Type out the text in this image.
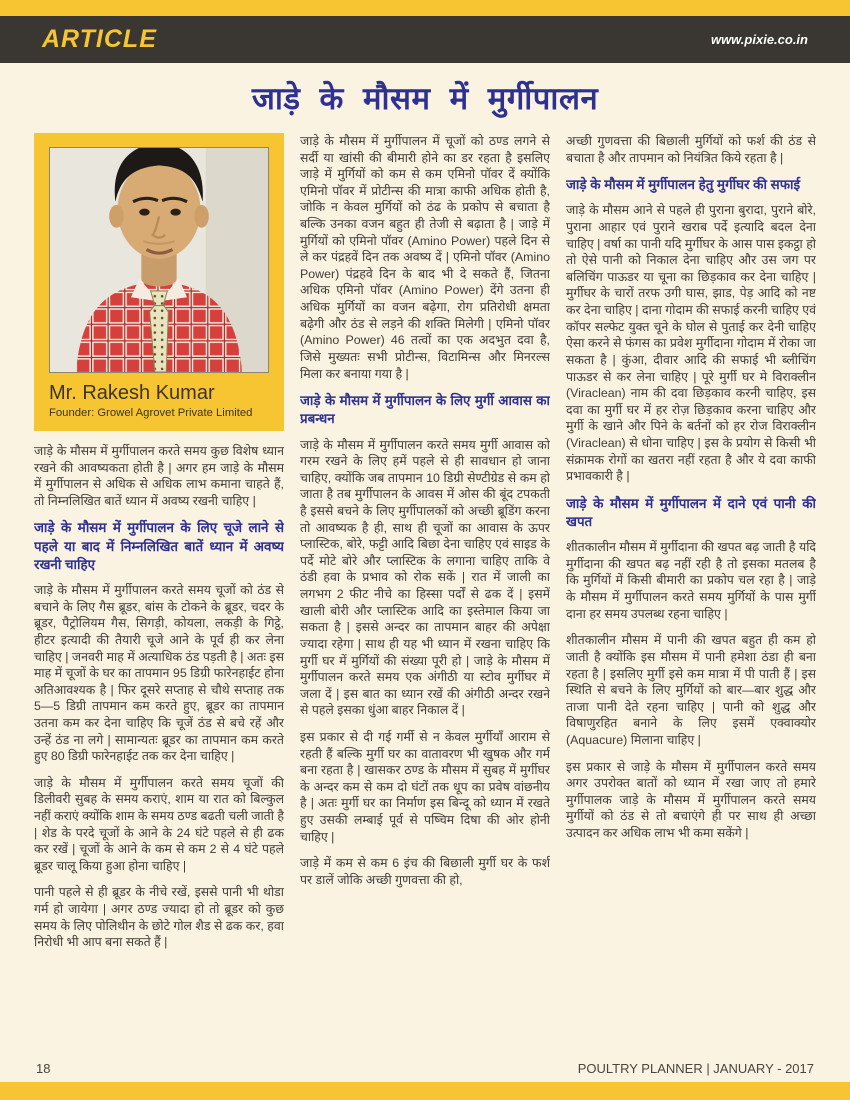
ARTICLE	www.pixie.co.in
जाड़े के मौसम में मुर्गीपालन
Mr. Rakesh Kumar
Founder: Growel Agrovet Private Limited

जाड़े के मौसम में मुर्गीपालन करते समय कुछ विशेष ध्यान रखने की आवष्यकता होती है | अगर हम जाड़े के मौसम में मुर्गीपालन से अधिक से अधिक लाभ कमाना चाहते हैं, तो निम्नलिखित बातें ध्यान में अवष्य रखनी चाहिए |

जाड़े के मौसम में मुर्गीपालन के लिए चूजे लाने से पहले या बाद में निम्नलिखित बातें ध्यान में अवष्य रखनी चाहिए

जाड़े के मौसम में मुर्गीपालन करते समय चूजों को ठंड से बचाने के लिए गैस ब्रूडर, बांस के टोकने के ब्रूडर, चदर के ब्रूडर, पैट्रोलियम गैस, सिगड़ी, कोयला, लकड़ी के गिट्ठे, हीटर इत्यादी की तैयारी चूजे आने के पूर्व ही कर लेना चाहिए | जनवरी माह में अत्याधिक ठंड पड़ती है | अतः इस माह में चूजों के घर का तापमान 95 डिग्री फारेनहाईट होना अतिआवश्यक है | फिर दूसरे सप्ताह से चौथे सप्ताह तक 5—5 डिग्री तापमान कम करते हुए, ब्रूडर का तापमान उतना कम कर देना चाहिए कि चूजें ठंड से बचे रहें और उन्हें ठंड ना लगे | सामान्यतः ब्रूडर का तापमान कम करते हुए 80 डिग्री फारेनहाईट तक कर देना चाहिए |

जाड़े के मौसम में मुर्गीपालन करते समय चूजों की डिलीवरी सुबह के समय कराएं, शाम या रात को बिल्कुल नहीं कराएं क्योंकि शाम के समय ठण्ड बढती चली जाती है | शेड के परदे चूजों के आने के 24 घंटे पहले से ही ढक कर रखें | चूजों के आने के कम से कम 2 से 4 घंटे पहले ब्रूडर चालू किया हुआ होना चाहिए |

पानी पहले से ही ब्रूडर के नीचे रखें, इससे पानी भी थोडा गर्म हो जायेगा | अगर ठण्ड ज्यादा हो तो ब्रूडर को कुछ समय के लिए पोलिथीन के छोटे गोल शैड से ढक कर, हवा निरोधी भी आप बना सकते हैं |

जाड़े के मौसम में मुर्गीपालन में चूजों को ठण्ड लगने से सर्दी या खांसी की बीमारी होने का डर रहता है इसलिए जाड़े में मुर्गियों को कम से कम एमिनो पॉवर दें क्योंकि एमिनो पॉवर में प्रोटीन्स की मात्रा काफी अधिक होती है, जोकि न केवल मुर्गियों को ठंढ के प्रकोप से बचाता है बल्कि उनका वजन बहुत ही तेजी से बढ़ाता है | जाड़े में मुर्गियों को एमिनो पॉवर (Amino Power) पहले दिन से ले कर पंद्रहवें दिन तक अवष्य दें | एमिनो पॉवर (Amino Power) पंद्रहवे दिन के बाद भी दे सकते हैं, जितना अधिक एमिनो पॉवर (Amino Power) देंगे उतना ही अधिक मुर्गियों का वजन बढ़ेगा, रोग प्रतिरोधी क्षमता बढ़ेगी और ठंड से लड़ने की शक्ति मिलेगी | एमिनो पॉवर (Amino Power) 46 तत्वों का एक अदभुत दवा है, जिसे मुख्यतः सभी प्रोटीन्स, विटामिन्स और मिनरल्स मिला कर बनाया गया है |

जाड़े के मौसम में मुर्गीपालन के लिए मुर्गी आवास का प्रबन्धन

जाड़े के मौसम में मुर्गीपालन करते समय मुर्गी आवास को गरम रखने के लिए हमें पहले से ही सावधान हो जाना चाहिए, क्योंकि जब तापमान 10 डिग्री सेण्टीग्रेड से कम हो जाता है तब मुर्गीपालन के आवस में ओस की बूंद टपकती है इससे बचने के लिए मुर्गीपालकों को अच्छी ब्रूडिंग करना तो आवष्यक है ही, साथ ही चूजों का आवास के ऊपर प्लास्टिक, बोरे, फट्टी आदि बिछा देना चाहिए एवं साइड के पर्दे मोटे बोरे और प्लास्टिक के लगाना चाहिए ताकि वे ठंडी हवा के प्रभाव को रोक सकें | रात में जाली का लगभग 2 फीट नीचे का हिस्सा पर्दों से ढक दें | इसमें खाली बोरी और प्लास्टिक आदि का इस्तेमाल किया जा सकता है | इससे अन्दर का तापमान बाहर की अपेक्षा ज्यादा रहेगा | साथ ही यह भी ध्यान में रखना चाहिए कि मुर्गी घर में मुर्गियों की संख्या पूरी हो | जाड़े के मौसम में मुर्गीपालन करते समय एक अंगीठी या स्टोव मुर्गीघर में जला दें | इस बात का ध्यान रखें की अंगीठी अन्दर रखने से पहले इसका धुंआ बाहर निकाल दें |

इस प्रकार से दी गई गर्मी से न केवल मुर्गीयाँ आराम से रहती हैं बल्कि मुर्गी घर का वातावरण भी खुषक और गर्म बना रहता है | खासकर ठण्ड के मौसम में सुबह में मुर्गीघर के अन्दर कम से कम दो घंटों तक धूप का प्रवेष वांछनीय है | अतः मुर्गी घर का निर्माण इस बिन्दू को ध्यान में रखते हुए उसकी लम्बाई पूर्व से पष्चिम दिषा की ओर होनी चाहिए |

जाड़े में कम से कम 6 इंच की बिछाली मुर्गी घर के फर्श पर डालें जोकि अच्छी गुणवत्ता की हो,

अच्छी गुणवत्ता की बिछाली मुर्गियों को फर्श की ठंड से बचाता है और तापमान को नियंत्रित किये रहता है |

जाड़े के मौसम में मुर्गीपालन हेतु मुर्गीघर की सफाई

जाड़े के मौसम आने से पहले ही पुराना बुरादा, पुराने बोरे, पुराना आहार एवं पुराने खराब पर्दे इत्यादि बदल देना चाहिए | वर्षा का पानी यदि मुर्गीघर के आस पास इकट्ठा हो तो ऐसे पानी को निकाल देना चाहिए और उस जग पर बलिचिंग पाऊडर या चूना का छिड़काव कर देना चाहिए | मुर्गीघर के चारों तरफ उगी घास, झाड, पेड़ आदि को नष्ट कर देना चाहिए | दाना गोदाम की सफाई करनी चाहिए एवं कॉपर सल्फेट युक्त चूने के घोल से पुताई कर देनी चाहिए ऐसा करने से फंगस का प्रवेश मुर्गीदाना गोदाम में रोका जा सकता है | कुंआ, दीवार आदि की सफाई भी ब्लीचिंग पाऊडर से कर लेना चाहिए | पूरे मुर्गी घर मे विराक्लीन (Viraclean) नाम की दवा छिड़काव करनी चाहिए, इस दवा का मुर्गी घर में हर रोज़ छिड़काव करना चाहिए और मुर्गी के खाने और पिने के बर्तनों को हर रोज विराक्लीन (Viraclean) से धोना चाहिए | इस के प्रयोग से किसी भी संक्रामक रोगों का खतरा नहीं रहता है और ये दवा काफी प्रभावकारी है |

जाड़े के मौसम में मुर्गीपालन में दाने एवं पानी की खपत

शीतकालीन मौसम में मुर्गीदाना की खपत बढ़ जाती है यदि मुर्गीदाना की खपत बढ़ नहीं रही है तो इसका मतलब है कि मुर्गियों में किसी बीमारी का प्रकोप चल रहा है | जाड़े के मौसम में मुर्गीपालन करते समय मुर्गियों के पास मुर्गी दाना हर समय उपलब्ध रहना चाहिए |

शीतकालीन मौसम में पानी की खपत बहुत ही कम हो जाती है क्योंकि इस मौसम में पानी हमेशा ठंडा ही बना रहता है | इसलिए मुर्गी इसे कम मात्रा में पी पाती हैं | इस स्थिति से बचने के लिए मुर्गियों को बार—बार शुद्ध और ताजा पानी देते रहना चाहिए | पानी को शुद्ध और विषाणुरहित बनाने के लिए इसमें एक्वाक्योर (Aquacure) मिलाना चाहिए |

इस प्रकार से जाड़े के मौसम में मुर्गीपालन करते समय अगर उपरोक्त बातों को ध्यान में रखा जाए तो हमारे मुर्गीपालक जाड़े के मौसम में मुर्गीपालन करते समय मुर्गीयों को ठंड से तो बचाएंगे ही पर साथ ही अच्छा उत्पादन कर अधिक लाभ भी कमा सकेंगे |

18	POULTRY PLANNER | JANUARY - 2017
